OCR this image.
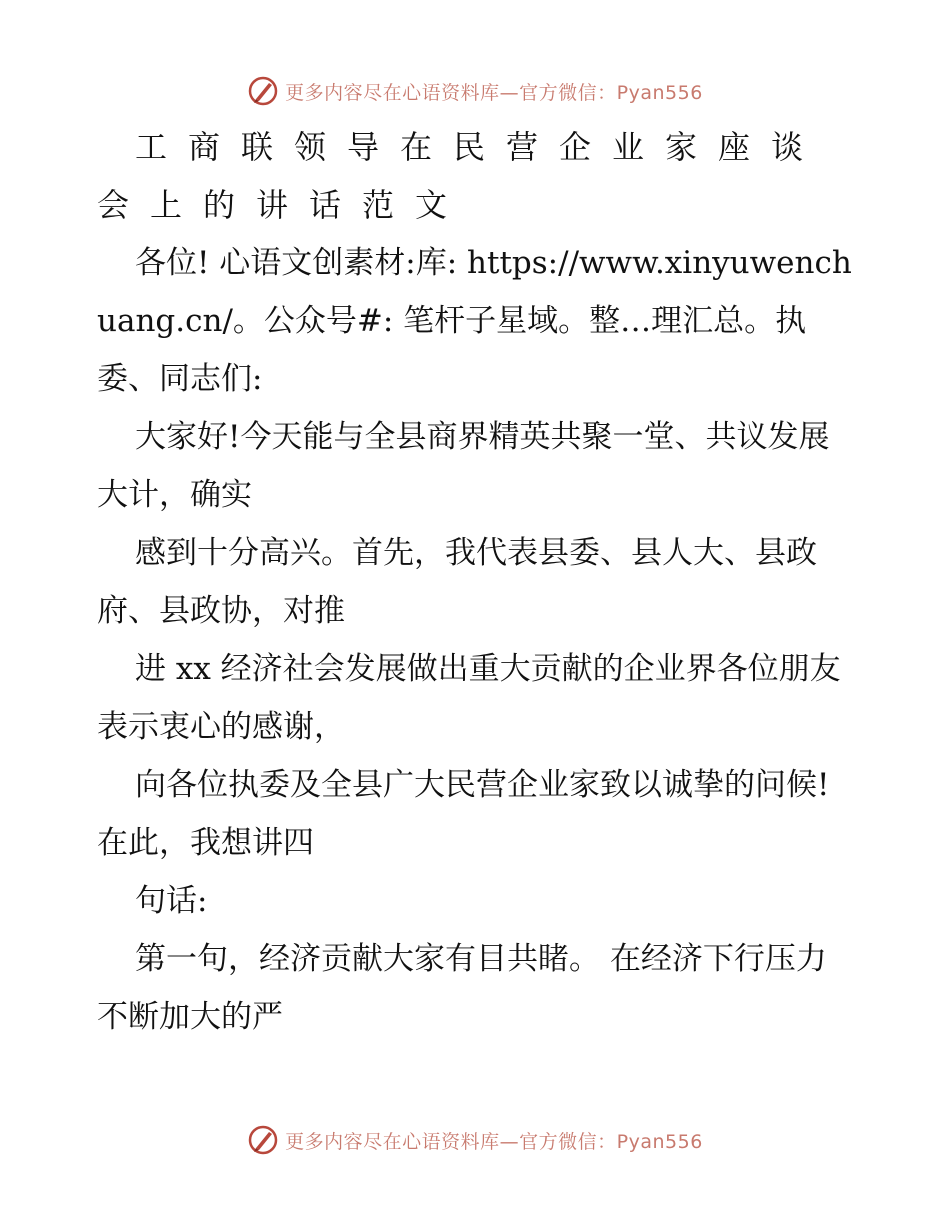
更多内容尽在心语资料库—官方微信：Pyan556

工商联领导在民营企业家座谈会上的讲话范文

各位! 心语文创素材:库: https://www.xinyuwenchuang.cn/。公众号#: 笔杆子星域。整…理汇总。执委、同志们:

大家好!今天能与全县商界精英共聚一堂、共议发展大计，确实

感到十分高兴。首先，我代表县委、县人大、县政府、县政协，对推

进 xx 经济社会发展做出重大贡献的企业界各位朋友表示衷心的感谢，

向各位执委及全县广大民营企业家致以诚挚的问候!在此，我想讲四

句话:

第一句，经济贡献大家有目共睹。 在经济下行压力不断加大的严

更多内容尽在心语资料库—官方微信：Pyan556
